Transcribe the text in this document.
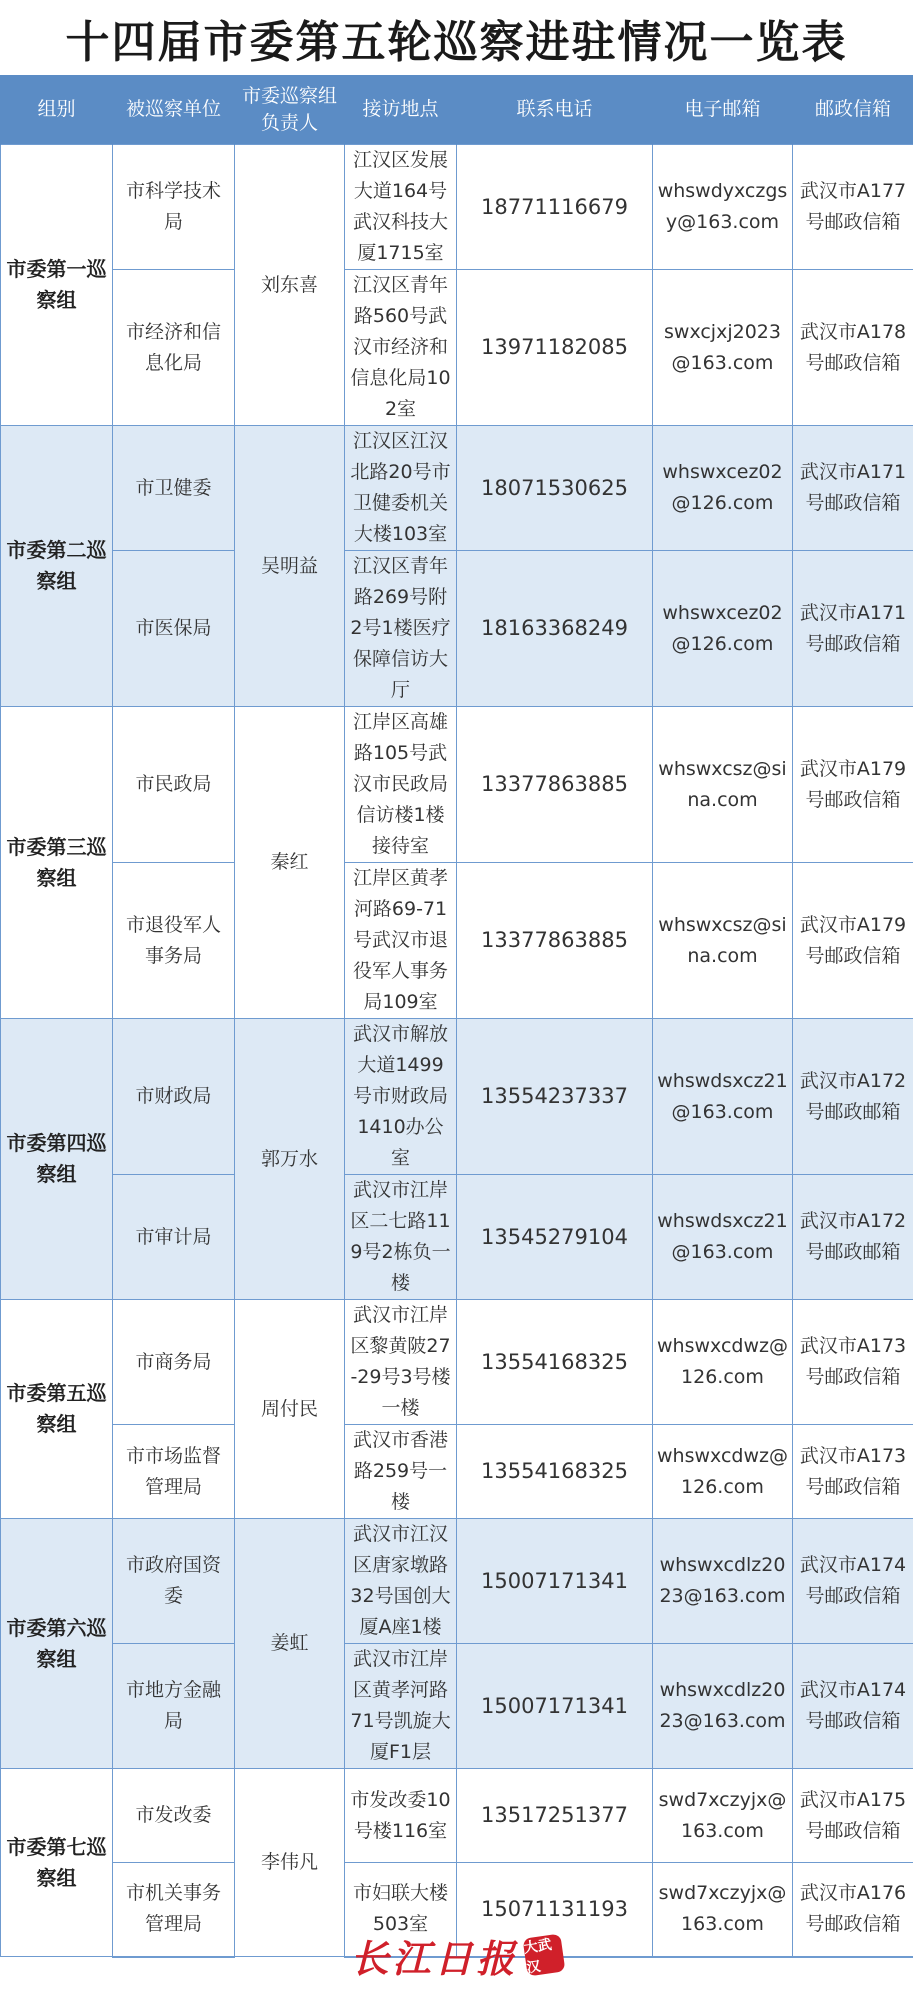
十四届市委第五轮巡察进驻情况一览表
组别	被巡察单位	市委巡察组负责人	接访地点	联系电话	电子邮箱	邮政信箱
市委第一巡察组	市科学技术局	刘东喜	江汉区发展大道164号武汉科技大厦1715室	18771116679	whswdyxczgsy@163.com	武汉市A177号邮政信箱
	市经济和信息化局		江汉区青年路560号武汉市经济和信息化局102室	13971182085	swxcjxj2023@163.com	武汉市A178号邮政信箱
市委第二巡察组	市卫健委	吴明益	江汉区江汉北路20号市卫健委机关大楼103室	18071530625	whswxcez02@126.com	武汉市A171号邮政信箱
	市医保局		江汉区青年路269号附2号1楼医疗保障信访大厅	18163368249	whswxcez02@126.com	武汉市A171号邮政信箱
市委第三巡察组	市民政局	秦红	江岸区高雄路105号武汉市民政局信访楼1楼接待室	13377863885	whswxcsz@sina.com	武汉市A179号邮政信箱
	市退役军人事务局		江岸区黄孝河路69-71号武汉市退役军人事务局109室	13377863885	whswxcsz@sina.com	武汉市A179号邮政信箱
市委第四巡察组	市财政局	郭万水	武汉市解放大道1499号市财政局1410办公室	13554237337	whswdsxcz21@163.com	武汉市A172号邮政邮箱
	市审计局		武汉市江岸区二七路119号2栋负一楼	13545279104	whswdsxcz21@163.com	武汉市A172号邮政邮箱
市委第五巡察组	市商务局	周付民	武汉市江岸区黎黄陂27-29号3号楼一楼	13554168325	whswxcdwz@126.com	武汉市A173号邮政信箱
	市市场监督管理局		武汉市香港路259号一楼	13554168325	whswxcdwz@126.com	武汉市A173号邮政信箱
市委第六巡察组	市政府国资委	姜虹	武汉市江汉区唐家墩路32号国创大厦A座1楼	15007171341	whswxcdlz2023@163.com	武汉市A174号邮政信箱
	市地方金融局		武汉市江岸区黄孝河路71号凯旋大厦F1层	15007171341	whswxcdlz2023@163.com	武汉市A174号邮政信箱
市委第七巡察组	市发改委	李伟凡	市发改委10号楼116室	13517251377	swd7xczyjx@163.com	武汉市A175号邮政信箱
	市机关事务管理局		市妇联大楼503室	15071131193	swd7xczyjx@163.com	武汉市A176号邮政信箱
长江日报 大武汉
